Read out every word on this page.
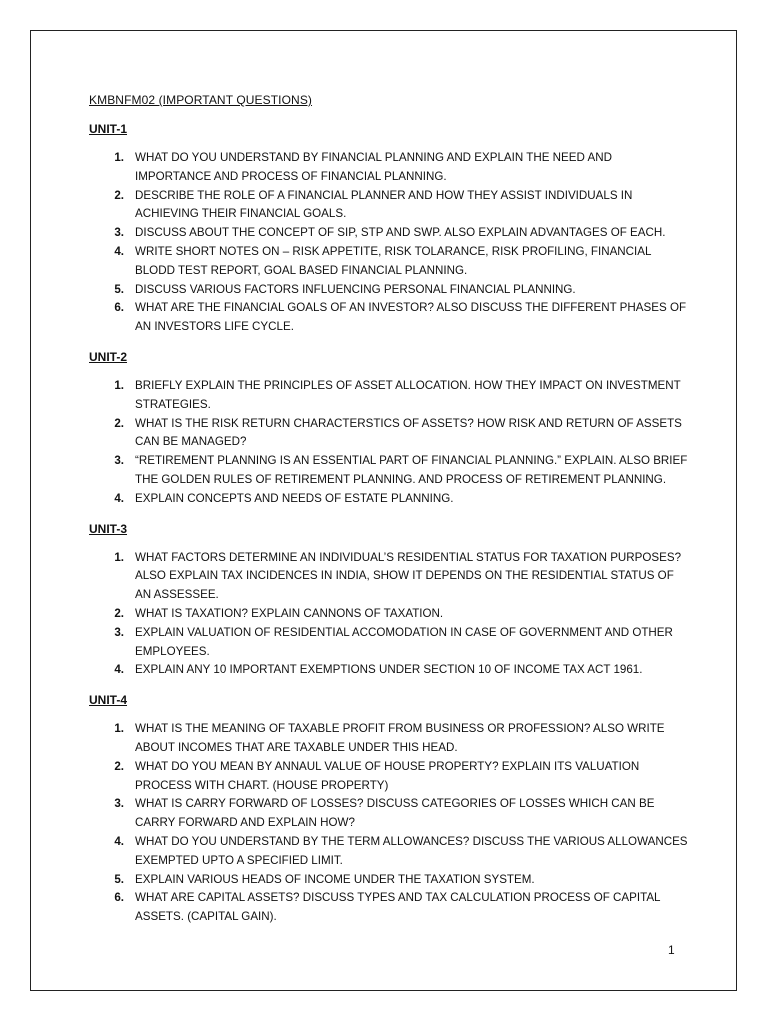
KMBNFM02 (IMPORTANT QUESTIONS)
UNIT-1
1. WHAT DO YOU UNDERSTAND BY FINANCIAL PLANNING AND EXPLAIN THE NEED AND IMPORTANCE AND PROCESS OF FINANCIAL PLANNING.
2. DESCRIBE THE ROLE OF A FINANCIAL PLANNER AND HOW THEY ASSIST INDIVIDUALS IN ACHIEVING THEIR FINANCIAL GOALS.
3. DISCUSS ABOUT THE CONCEPT OF SIP, STP AND SWP. ALSO EXPLAIN ADVANTAGES OF EACH.
4. WRITE SHORT NOTES ON – RISK APPETITE, RISK TOLARANCE, RISK PROFILING, FINANCIAL BLODD TEST REPORT, GOAL BASED FINANCIAL PLANNING.
5. DISCUSS VARIOUS FACTORS INFLUENCING PERSONAL FINANCIAL PLANNING.
6. WHAT ARE THE FINANCIAL GOALS OF AN INVESTOR? ALSO DISCUSS THE DIFFERENT PHASES OF AN INVESTORS LIFE CYCLE.
UNIT-2
1. BRIEFLY EXPLAIN THE PRINCIPLES OF ASSET ALLOCATION. HOW THEY IMPACT ON INVESTMENT STRATEGIES.
2. WHAT IS THE RISK RETURN CHARACTERSTICS OF ASSETS? HOW RISK AND RETURN OF ASSETS CAN BE MANAGED?
3. “RETIREMENT PLANNING IS AN ESSENTIAL PART OF FINANCIAL PLANNING.” EXPLAIN. ALSO BRIEF THE GOLDEN RULES OF RETIREMENT PLANNING. AND PROCESS OF RETIREMENT PLANNING.
4. EXPLAIN CONCEPTS AND NEEDS OF ESTATE PLANNING.
UNIT-3
1. WHAT FACTORS DETERMINE AN INDIVIDUAL’S RESIDENTIAL STATUS FOR TAXATION PURPOSES? ALSO EXPLAIN TAX INCIDENCES IN INDIA, SHOW IT DEPENDS ON THE RESIDENTIAL STATUS OF AN ASSESSEE.
2. WHAT IS TAXATION? EXPLAIN CANNONS OF TAXATION.
3. EXPLAIN VALUATION OF RESIDENTIAL ACCOMODATION IN CASE OF GOVERNMENT AND OTHER EMPLOYEES.
4. EXPLAIN ANY 10 IMPORTANT EXEMPTIONS UNDER SECTION 10 OF INCOME TAX ACT 1961.
UNIT-4
1. WHAT IS THE MEANING OF TAXABLE PROFIT FROM BUSINESS OR PROFESSION? ALSO WRITE ABOUT INCOMES THAT ARE TAXABLE UNDER THIS HEAD.
2. WHAT DO YOU MEAN BY ANNAUL VALUE OF HOUSE PROPERTY? EXPLAIN ITS VALUATION PROCESS WITH CHART. (HOUSE PROPERTY)
3. WHAT IS CARRY FORWARD OF LOSSES? DISCUSS CATEGORIES OF LOSSES WHICH CAN BE CARRY FORWARD AND EXPLAIN HOW?
4. WHAT DO YOU UNDERSTAND BY THE TERM ALLOWANCES? DISCUSS THE VARIOUS ALLOWANCES EXEMPTED UPTO A SPECIFIED LIMIT.
5. EXPLAIN VARIOUS HEADS OF INCOME UNDER THE TAXATION SYSTEM.
6. WHAT ARE CAPITAL ASSETS? DISCUSS TYPES AND TAX CALCULATION PROCESS OF CAPITAL ASSETS. (CAPITAL GAIN).
1
